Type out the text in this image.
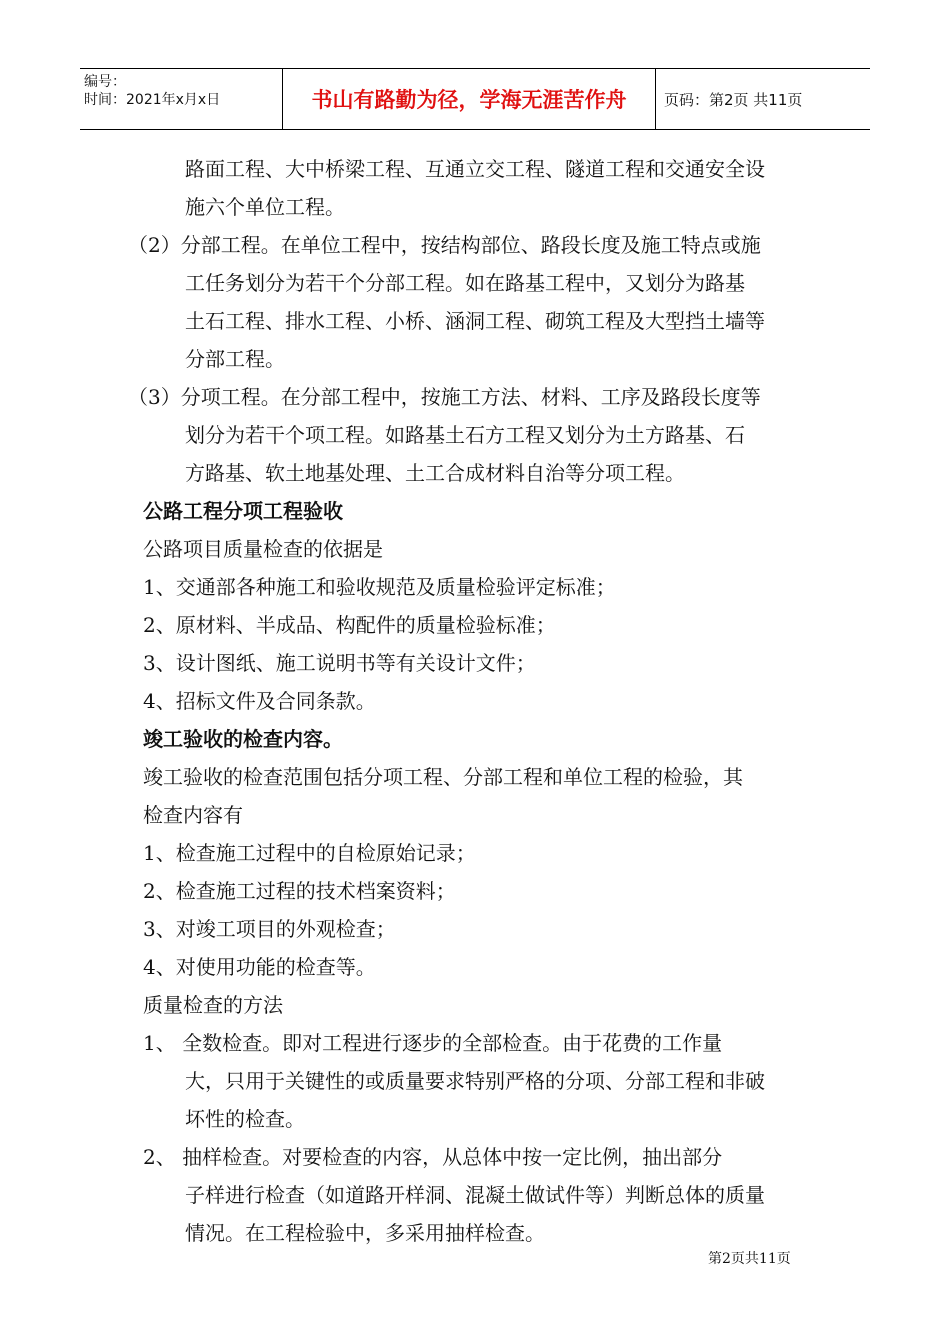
编号：
时间：2021年x月x日	书山有路勤为径，学海无涯苦作舟	页码：第2页 共11页
路面工程、大中桥梁工程、互通立交工程、隧道工程和交通安全设
施六个单位工程。
（2）分部工程。在单位工程中，按结构部位、路段长度及施工特点或施
工任务划分为若干个分部工程。如在路基工程中，又划分为路基
土石工程、排水工程、小桥、涵洞工程、砌筑工程及大型挡土墙等
分部工程。
（3）分项工程。在分部工程中，按施工方法、材料、工序及路段长度等
划分为若干个项工程。如路基土石方工程又划分为土方路基、石
方路基、软土地基处理、土工合成材料自治等分项工程。
公路工程分项工程验收
公路项目质量检查的依据是
1、交通部各种施工和验收规范及质量检验评定标准；
2、原材料、半成品、构配件的质量检验标准；
3、设计图纸、施工说明书等有关设计文件；
4、招标文件及合同条款。
竣工验收的检查内容。
竣工验收的检查范围包括分项工程、分部工程和单位工程的检验，其
检查内容有
1、检查施工过程中的自检原始记录；
2、检查施工过程的技术档案资料；
3、对竣工项目的外观检查；
4、对使用功能的检查等。
质量检查的方法
1、 全数检查。即对工程进行逐步的全部检查。由于花费的工作量
大，只用于关键性的或质量要求特别严格的分项、分部工程和非破
坏性的检查。
2、 抽样检查。对要检查的内容，从总体中按一定比例，抽出部分
子样进行检查（如道路开样洞、混凝土做试件等）判断总体的质量
情况。在工程检验中，多采用抽样检查。
第2页共11页
